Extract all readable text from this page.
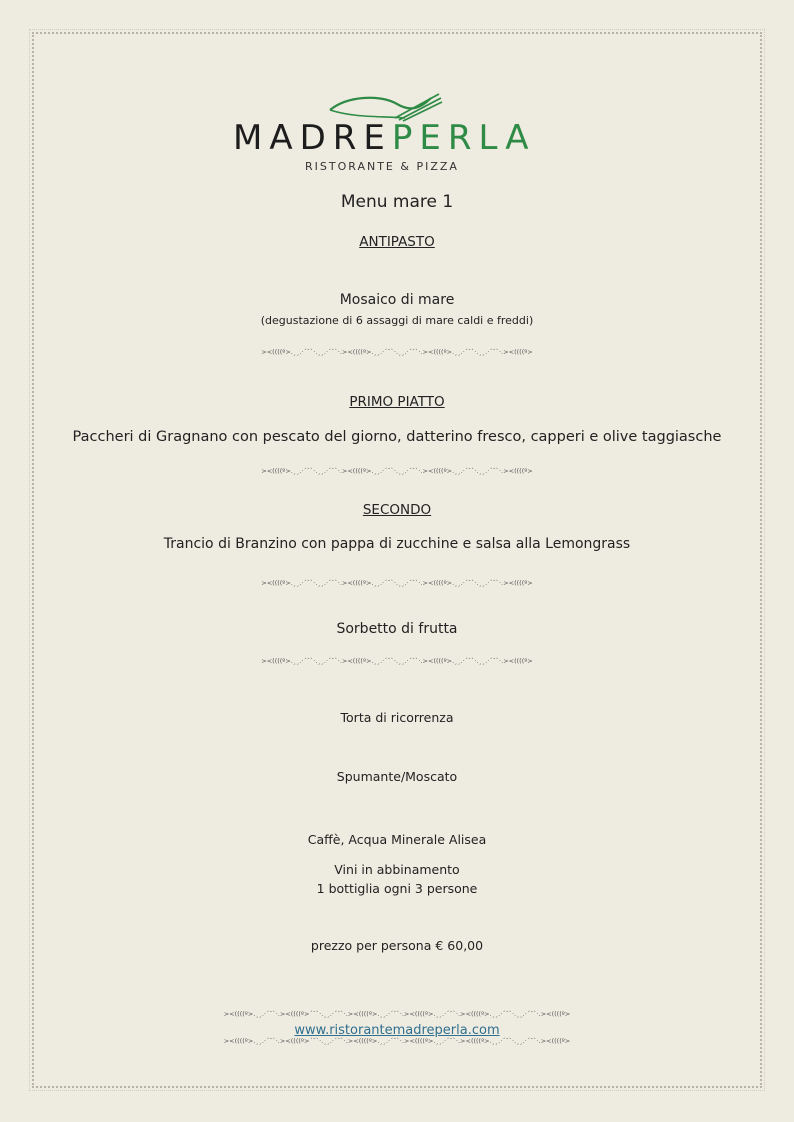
MADREPERLA
RISTORANTE & PIZZA
Menu mare 1
ANTIPASTO
Mosaico di mare
(degustazione di 6 assaggi di mare caldi e freddi)
><((((º>.¸¸.·´¯`·.¸¸.·´¯`·.><((((º>.¸¸.·´¯`·.¸¸.·´¯`·.><((((º>.¸¸.·´¯`·.¸¸.·´¯`·.><((((º>
PRIMO PIATTO
Paccheri di Gragnano con pescato del giorno, datterino fresco, capperi e olive taggiasche
><((((º>.¸¸.·´¯`·.¸¸.·´¯`·.><((((º>.¸¸.·´¯`·.¸¸.·´¯`·.><((((º>.¸¸.·´¯`·.¸¸.·´¯`·.><((((º>
SECONDO
Trancio di Branzino con pappa di zucchine e salsa alla Lemongrass
><((((º>.¸¸.·´¯`·.¸¸.·´¯`·.><((((º>.¸¸.·´¯`·.¸¸.·´¯`·.><((((º>.¸¸.·´¯`·.¸¸.·´¯`·.><((((º>
Sorbetto di frutta
><((((º>.¸¸.·´¯`·.¸¸.·´¯`·.><((((º>.¸¸.·´¯`·.¸¸.·´¯`·.><((((º>.¸¸.·´¯`·.¸¸.·´¯`·.><((((º>
Torta di ricorrenza
Spumante/Moscato
Caffè, Acqua Minerale Alisea
Vini in abbinamento
1 bottiglia ogni 3 persone
prezzo per persona € 60,00
><((((º>.¸¸.·´¯`·.><((((º>´¯`·.¸¸.·´¯`·.><((((º>.¸¸.·´¯`·.><((((º>.¸¸.·´¯`·.><((((º>.¸¸.·´¯`·.¸¸.·´¯`·.><((((º>
www.ristorantemadreperla.com
><((((º>.¸¸.·´¯`·.><((((º>´¯`·.¸¸.·´¯`·.><((((º>.¸¸.·´¯`·.><((((º>.¸¸.·´¯`·.><((((º>.¸¸.·´¯`·.¸¸.·´¯`·.><((((º>
